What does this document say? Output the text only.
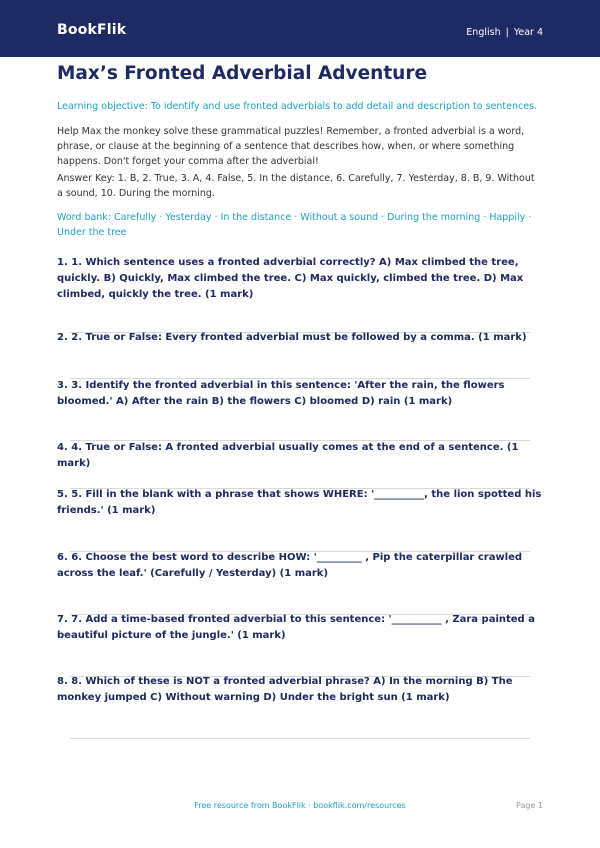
BookFlik	English | Year 4
Max’s Fronted Adverbial Adventure

Learning objective: To identify and use fronted adverbials to add detail and description to sentences.

Help Max the monkey solve these grammatical puzzles! Remember, a fronted adverbial is a word, phrase, or clause at the beginning of a sentence that describes how, when, or where something happens. Don't forget your comma after the adverbial!

Answer Key: 1. B, 2. True, 3. A, 4. False, 5. In the distance, 6. Carefully, 7. Yesterday, 8. B, 9. Without a sound, 10. During the morning.

Word bank: Carefully · Yesterday · In the distance · Without a sound · During the morning · Happily · Under the tree

1. 1. Which sentence uses a fronted adverbial correctly? A) Max climbed the tree, quickly. B) Quickly, Max climbed the tree. C) Max quickly, climbed the tree. D) Max climbed, quickly the tree. (1 mark)

2. 2. True or False: Every fronted adverbial must be followed by a comma. (1 mark)

3. 3. Identify the fronted adverbial in this sentence: 'After the rain, the flowers bloomed.' A) After the rain B) the flowers C) bloomed D) rain (1 mark)

4. 4. True or False: A fronted adverbial usually comes at the end of a sentence. (1 mark)

5. 5. Fill in the blank with a phrase that shows WHERE: '__________, the lion spotted his friends.' (1 mark)

6. 6. Choose the best word to describe HOW: '_________ , Pip the caterpillar crawled across the leaf.' (Carefully / Yesterday) (1 mark)

7. 7. Add a time-based fronted adverbial to this sentence: '__________ , Zara painted a beautiful picture of the jungle.' (1 mark)

8. 8. Which of these is NOT a fronted adverbial phrase? A) In the morning B) The monkey jumped C) Without warning D) Under the bright sun (1 mark)

Free resource from BookFlik · bookflik.com/resources	Page 1
